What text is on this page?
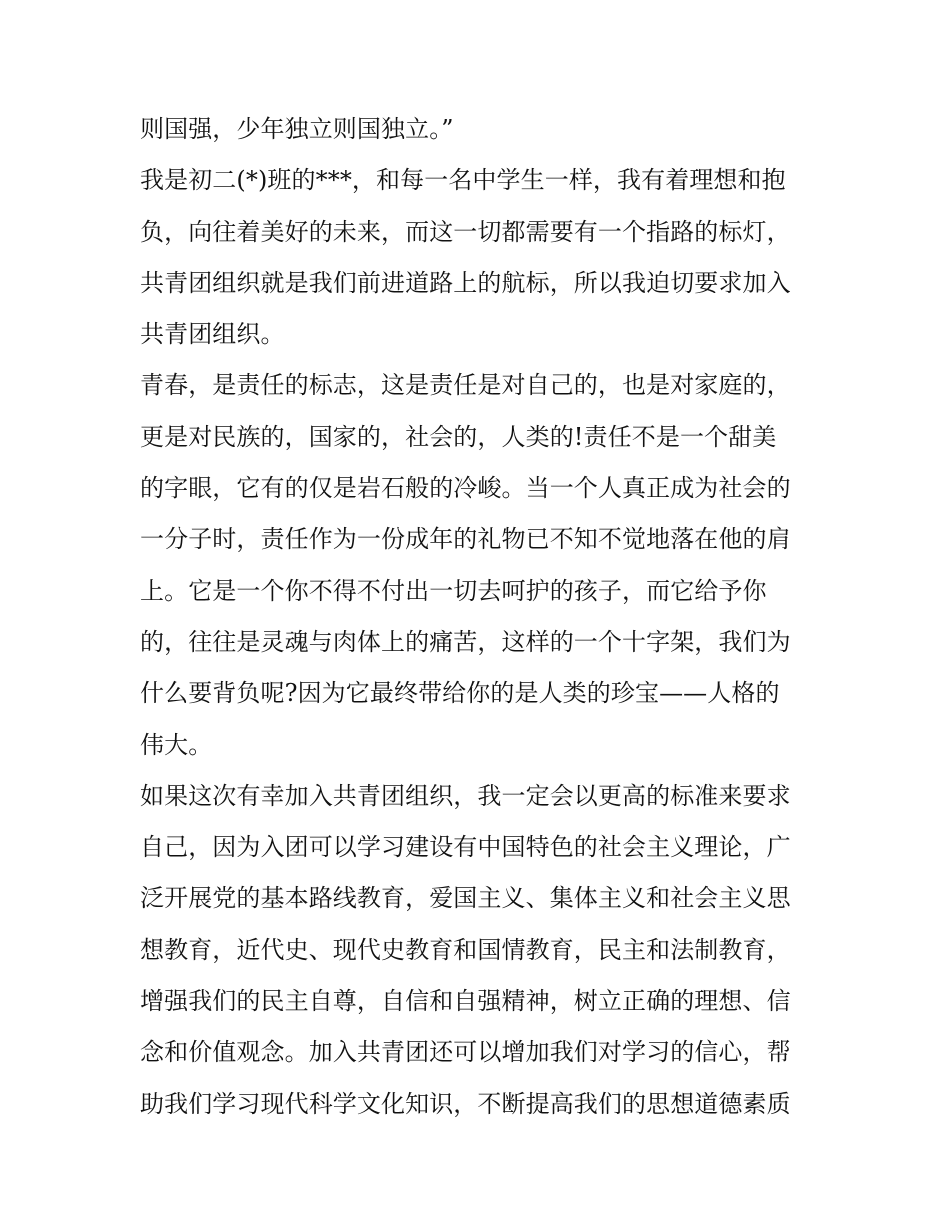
则国强，少年独立则国独立。”
我是初二(*)班的***，和每一名中学生一样，我有着理想和抱
负，向往着美好的未来，而这一切都需要有一个指路的标灯，
共青团组织就是我们前进道路上的航标，所以我迫切要求加入
共青团组织。
青春，是责任的标志，这是责任是对自己的，也是对家庭的，
更是对民族的，国家的，社会的，人类的!责任不是一个甜美
的字眼，它有的仅是岩石般的冷峻。当一个人真正成为社会的
一分子时，责任作为一份成年的礼物已不知不觉地落在他的肩
上。它是一个你不得不付出一切去呵护的孩子，而它给予你
的，往往是灵魂与肉体上的痛苦，这样的一个十字架，我们为
什么要背负呢?因为它最终带给你的是人类的珍宝——人格的
伟大。
如果这次有幸加入共青团组织，我一定会以更高的标准来要求
自己，因为入团可以学习建设有中国特色的社会主义理论，广
泛开展党的基本路线教育，爱国主义、集体主义和社会主义思
想教育，近代史、现代史教育和国情教育，民主和法制教育，
增强我们的民主自尊，自信和自强精神，树立正确的理想、信
念和价值观念。加入共青团还可以增加我们对学习的信心，帮
助我们学习现代科学文化知识，不断提高我们的思想道德素质
